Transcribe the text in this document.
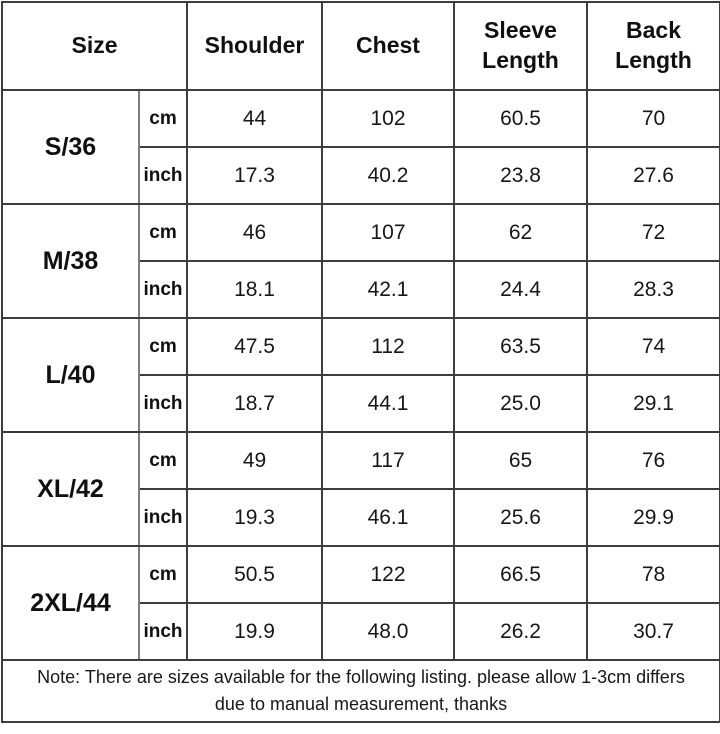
Size		Shoulder	Chest	Sleeve Length	Back Length
S/36	cm	44	102	60.5	70
	inch	17.3	40.2	23.8	27.6
M/38	cm	46	107	62	72
	inch	18.1	42.1	24.4	28.3
L/40	cm	47.5	112	63.5	74
	inch	18.7	44.1	25.0	29.1
XL/42	cm	49	117	65	76
	inch	19.3	46.1	25.6	29.9
2XL/44	cm	50.5	122	66.5	78
	inch	19.9	48.0	26.2	30.7

Note: There are sizes available for the following listing. please allow 1-3cm differs
due to manual measurement, thanks					
